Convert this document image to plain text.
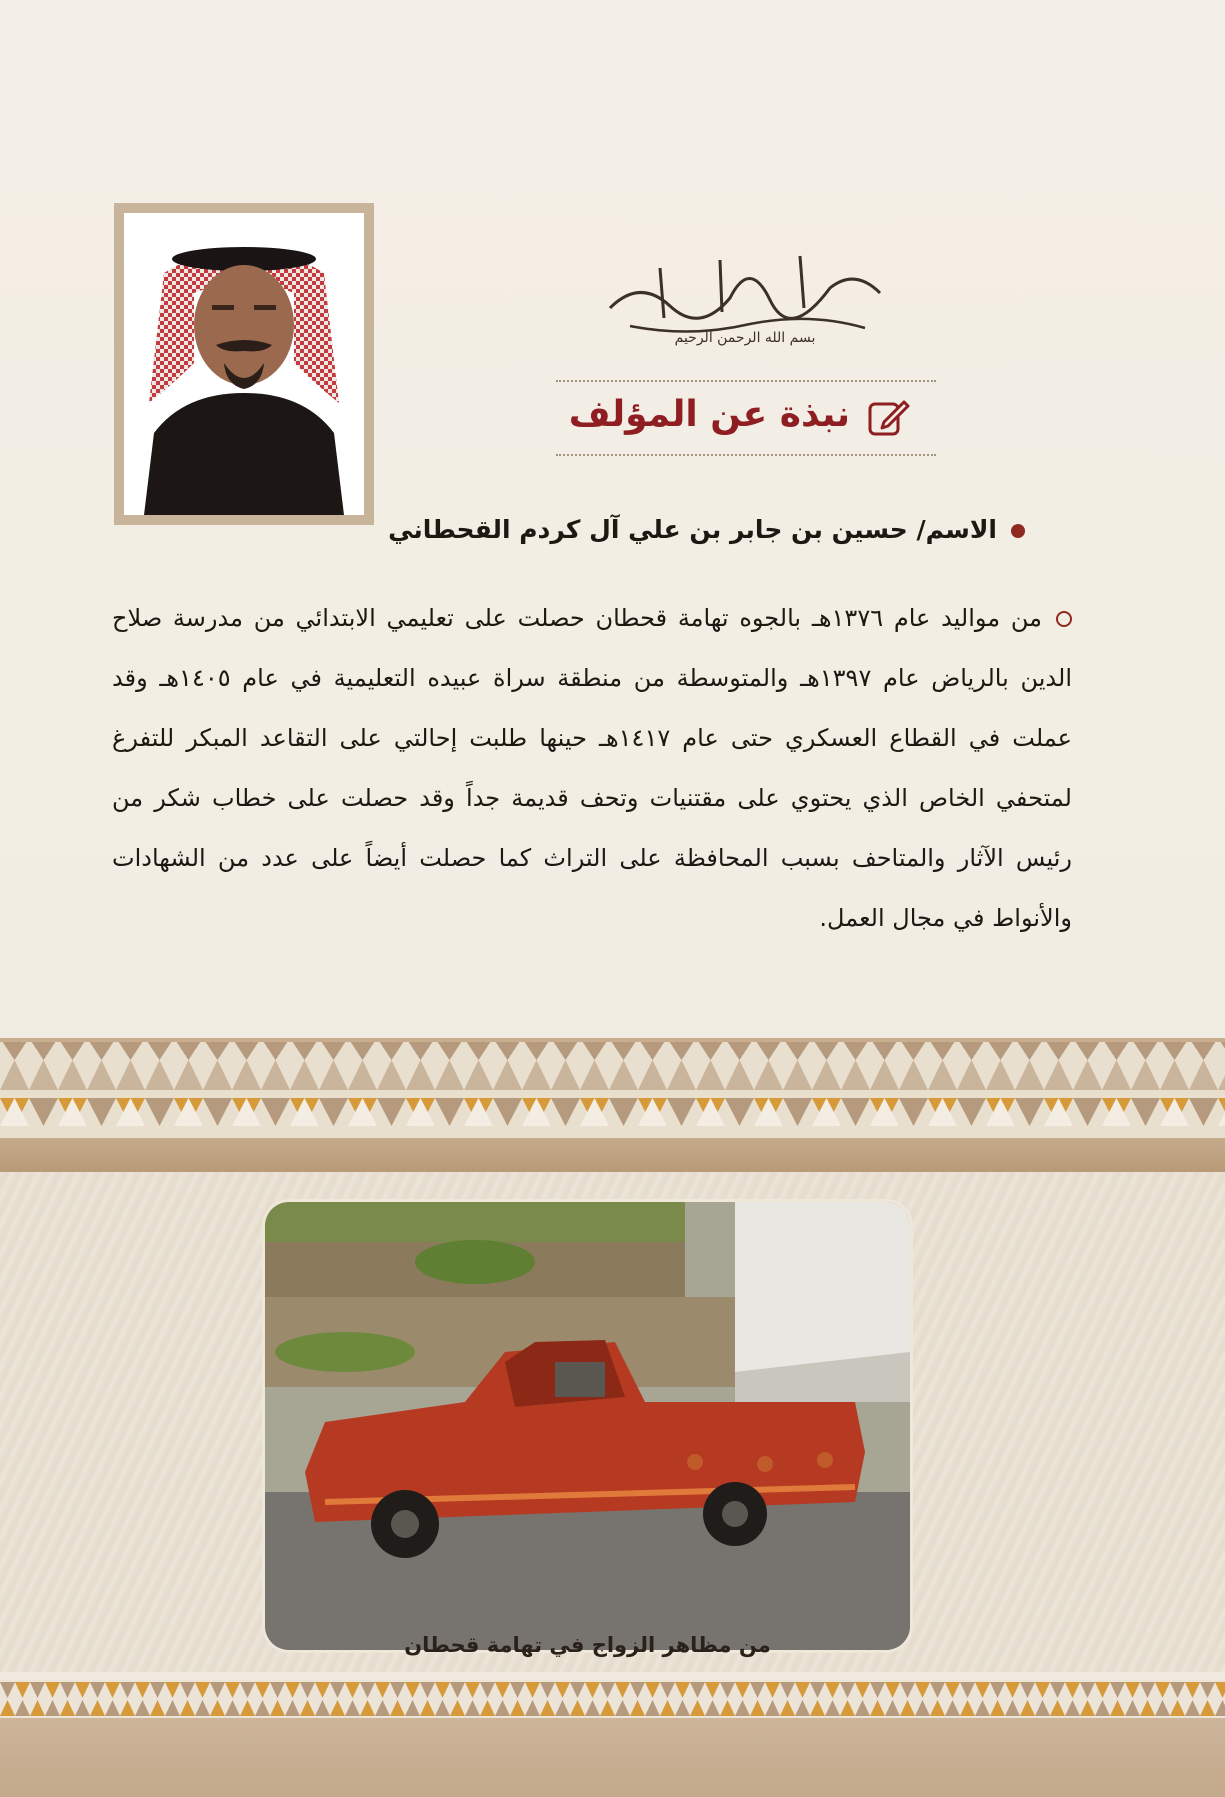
بسم الله الرحمن الرحيم
نبذة عن المؤلف
الاسم/ حسين بن جابر بن علي آل كردم القحطاني
من مواليد عام ١٣٧٦هـ بالجوه تهامة قحطان حصلت على تعليمي الابتدائي من مدرسة صلاح الدين بالرياض عام ١٣٩٧هـ والمتوسطة من منطقة سراة عبيده التعليمية في عام ١٤٠٥هـ وقد عملت في القطاع العسكري حتى عام ١٤١٧هـ حينها طلبت إحالتي على التقاعد المبكر للتفرغ لمتحفي الخاص الذي يحتوي على مقتنيات وتحف قديمة جداً وقد حصلت على خطاب شكر من رئيس الآثار والمتاحف بسبب المحافظة على التراث كما حصلت أيضاً على عدد من الشهادات والأنواط في مجال العمل.
من مظاهر الزواج في تهامة قحطان
